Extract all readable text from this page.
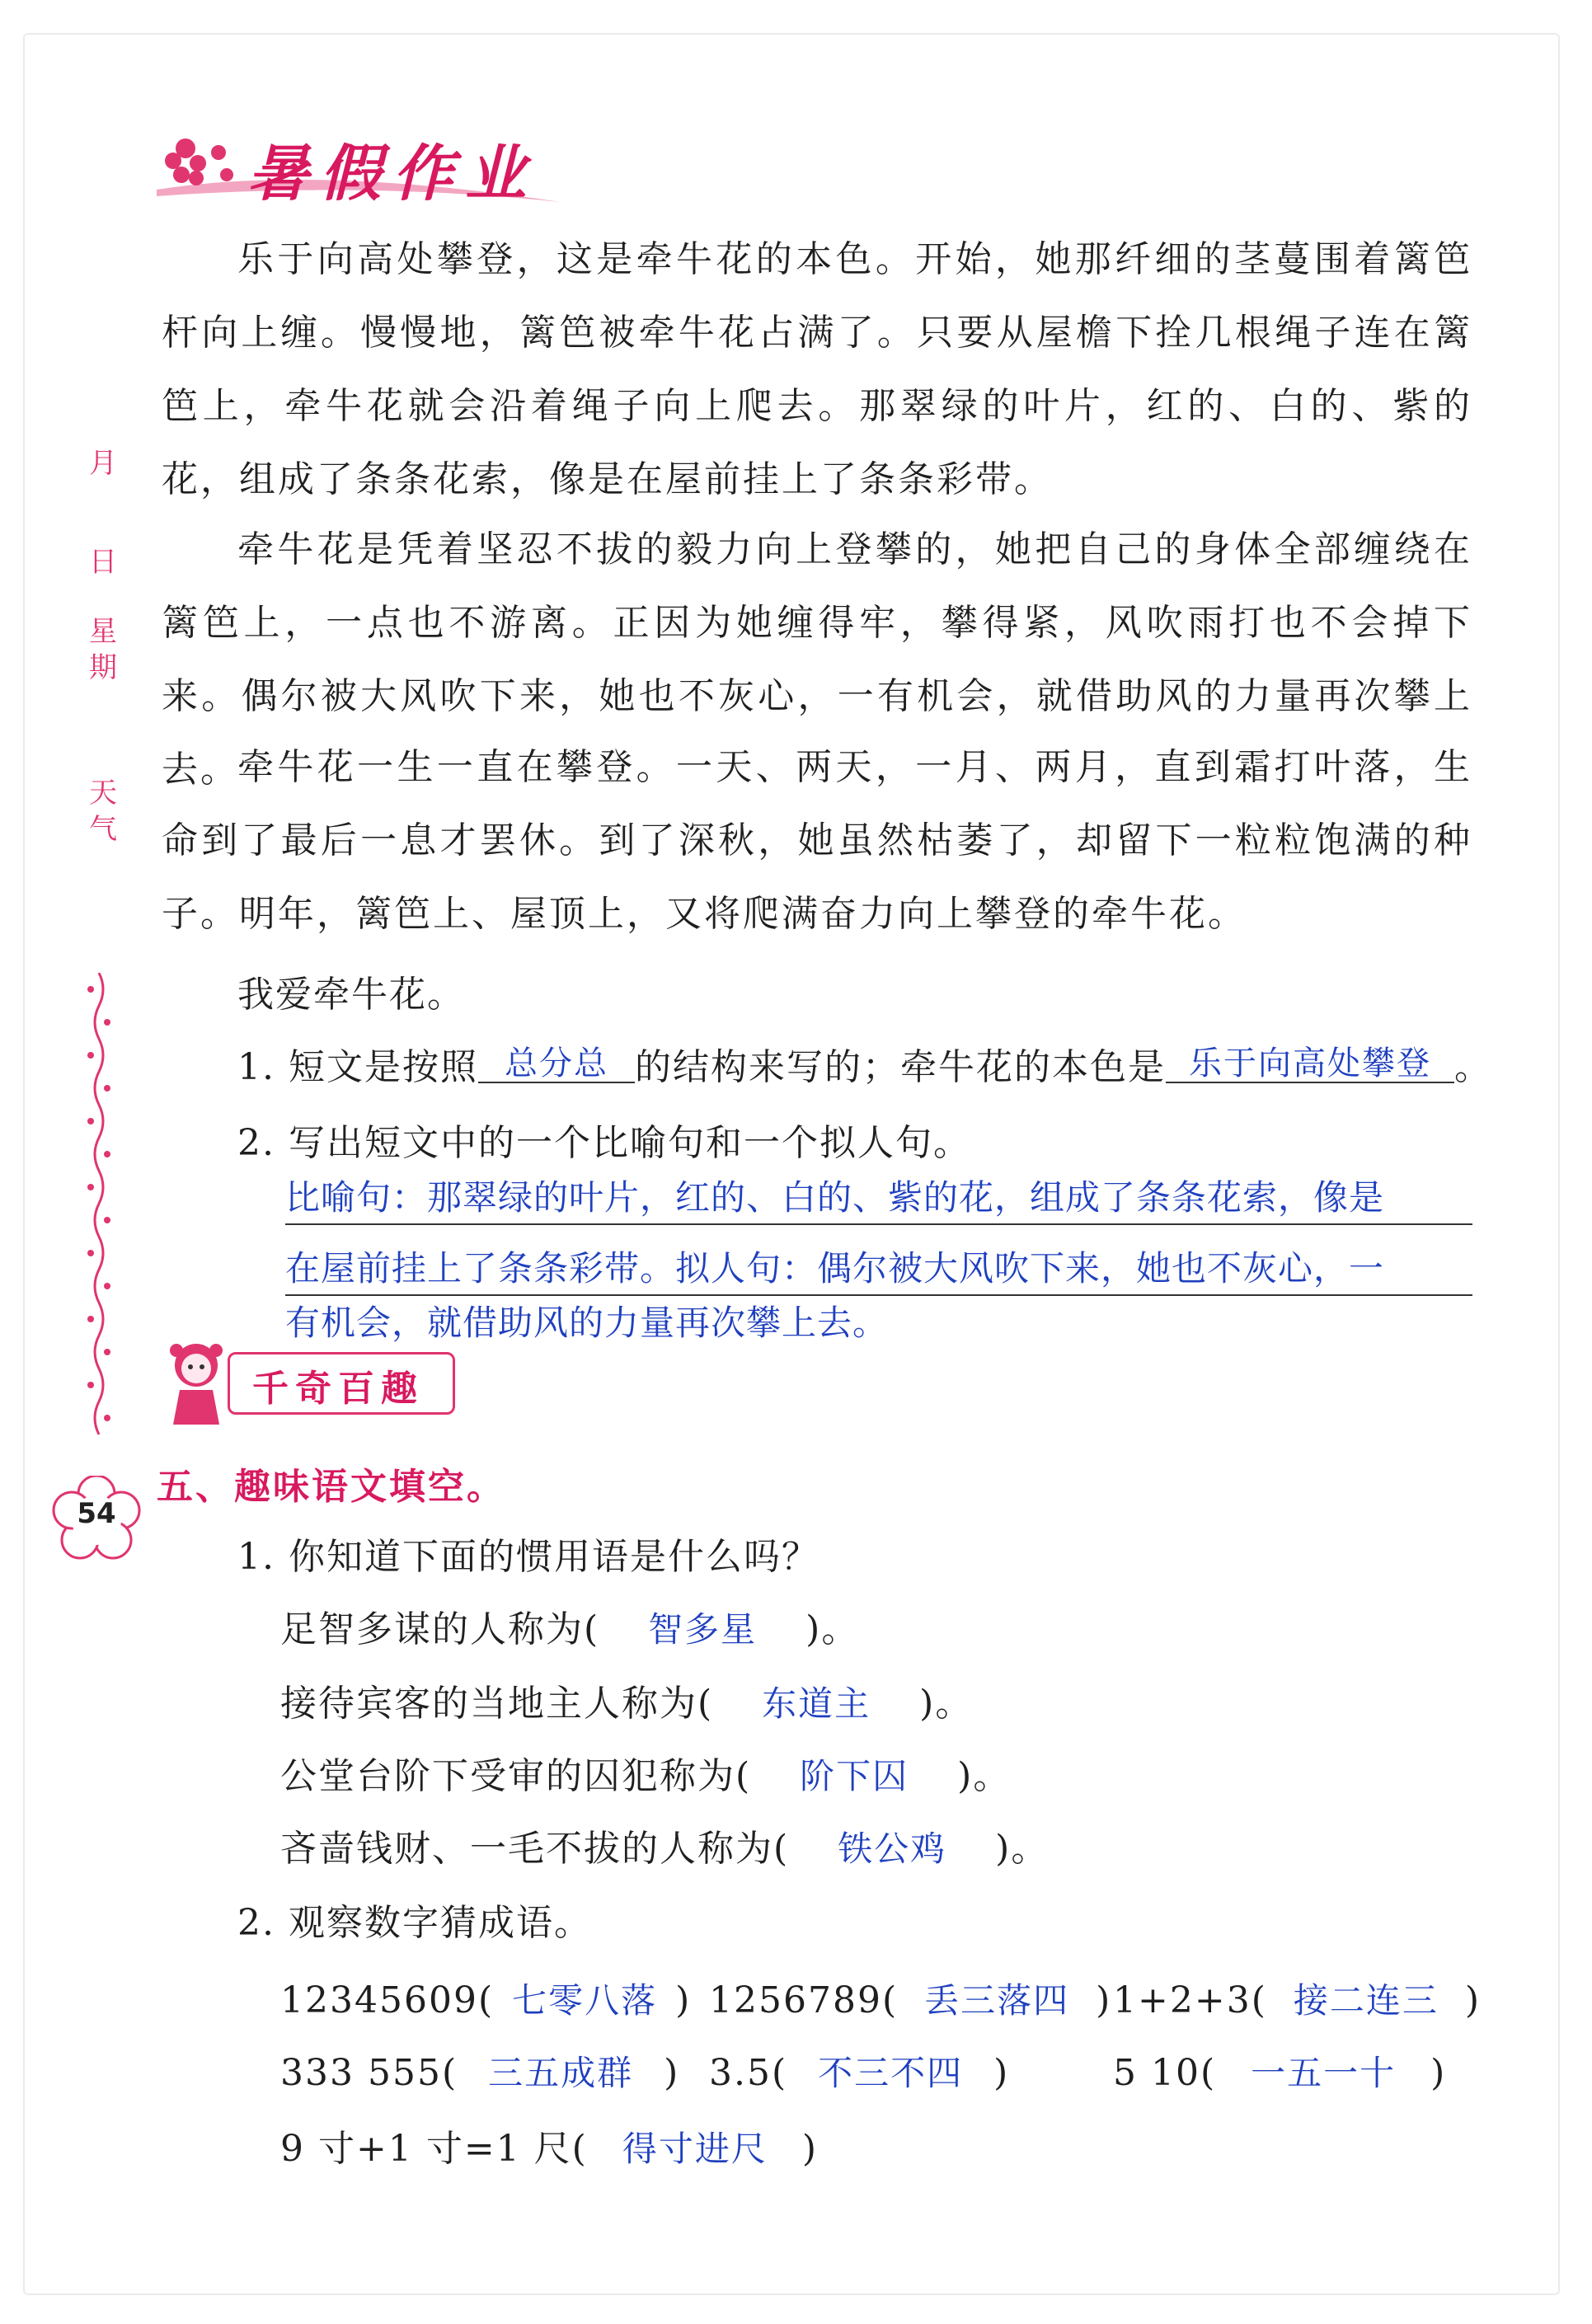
暑假作业
月
日
星期
天气
54
乐于向高处攀登，这是牵牛花的本色。开始，她那纤细的茎蔓围着篱笆杆向上缠。慢慢地，篱笆被牵牛花占满了。只要从屋檐下拴几根绳子连在篱笆上，牵牛花就会沿着绳子向上爬去。那翠绿的叶片，红的、白的、紫的花，组成了条条花索，像是在屋前挂上了条条彩带。
牵牛花是凭着坚忍不拔的毅力向上登攀的，她把自己的身体全部缠绕在篱笆上，一点也不游离。正因为她缠得牢，攀得紧，风吹雨打也不会掉下来。偶尔被大风吹下来，她也不灰心，一有机会，就借助风的力量再次攀上去。
牵牛花一生一直在攀登。一天、两天，一月、两月，直到霜打叶落，生命到了最后一息才罢休。到了深秋，她虽然枯萎了，却留下一粒粒饱满的种子。明年，篱笆上、屋顶上，又将爬满奋力向上攀登的牵牛花。
我爱牵牛花。
1. 短文是按照 总分总 的结构来写的；牵牛花的本色是 乐于向高处攀登 。
2. 写出短文中的一个比喻句和一个拟人句。
比喻句：那翠绿的叶片，红的、白的、紫的花，组成了条条花索，像是
在屋前挂上了条条彩带。拟人句：偶尔被大风吹下来，她也不灰心，一
有机会，就借助风的力量再次攀上去。
千奇百趣
五、趣味语文填空。
1. 你知道下面的惯用语是什么吗？
足智多谋的人称为( 智多星 )。
接待宾客的当地主人称为( 东道主 )。
公堂台阶下受审的囚犯称为( 阶下囚 )。
吝啬钱财、一毛不拔的人称为( 铁公鸡 )。
2. 观察数字猜成语。
12345609( 七零八落 ) 1256789( 丢三落四 ) 1+2+3( 接二连三 )
333 555( 三五成群 ) 3.5( 不三不四 )	5 10( 一五一十 )
9 寸+1 寸=1 尺( 得寸进尺 )
